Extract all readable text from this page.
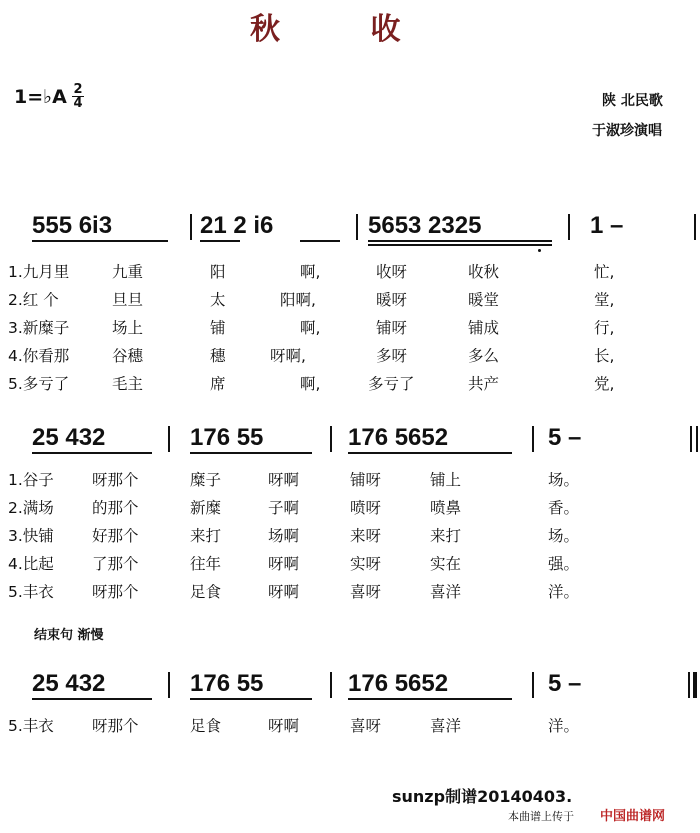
秋 收
1=♭A 2
4	陕 北民歌
于淑珍演唱
555 6i3	21 2 i6	5653 2325	1 –
1.九月里	九重	阳	啊,	收呀	收秋	忙,
2.红 个	旦旦	太	阳啊,	暖呀	暖堂	堂,
3.新糜子	场上	铺	啊,	铺呀	铺成	行,
4.你看那	谷穗	穗	呀啊,	多呀	多么	长,
5.多亏了	毛主	席	啊,	多亏了	共产	党,
25 432	176 55	176 5652	5 –
1.谷子 呀那个	糜子	呀啊	铺呀	铺上	场。
2.满场 的那个	新糜	子啊	喷呀	喷鼻	香。
3.快铺 好那个	来打	场啊	来呀	来打	场。
4.比起 了那个	往年	呀啊	实呀	实在	强。
5.丰衣 呀那个	足食	呀啊	喜呀	喜洋	洋。
结束句 渐慢
25 432	176 55	176 5652	5 –
5.丰衣 呀那个	足食	呀啊	喜呀	喜洋	洋。
sunzp制谱20140403.
本曲谱上传于 中国曲谱网
